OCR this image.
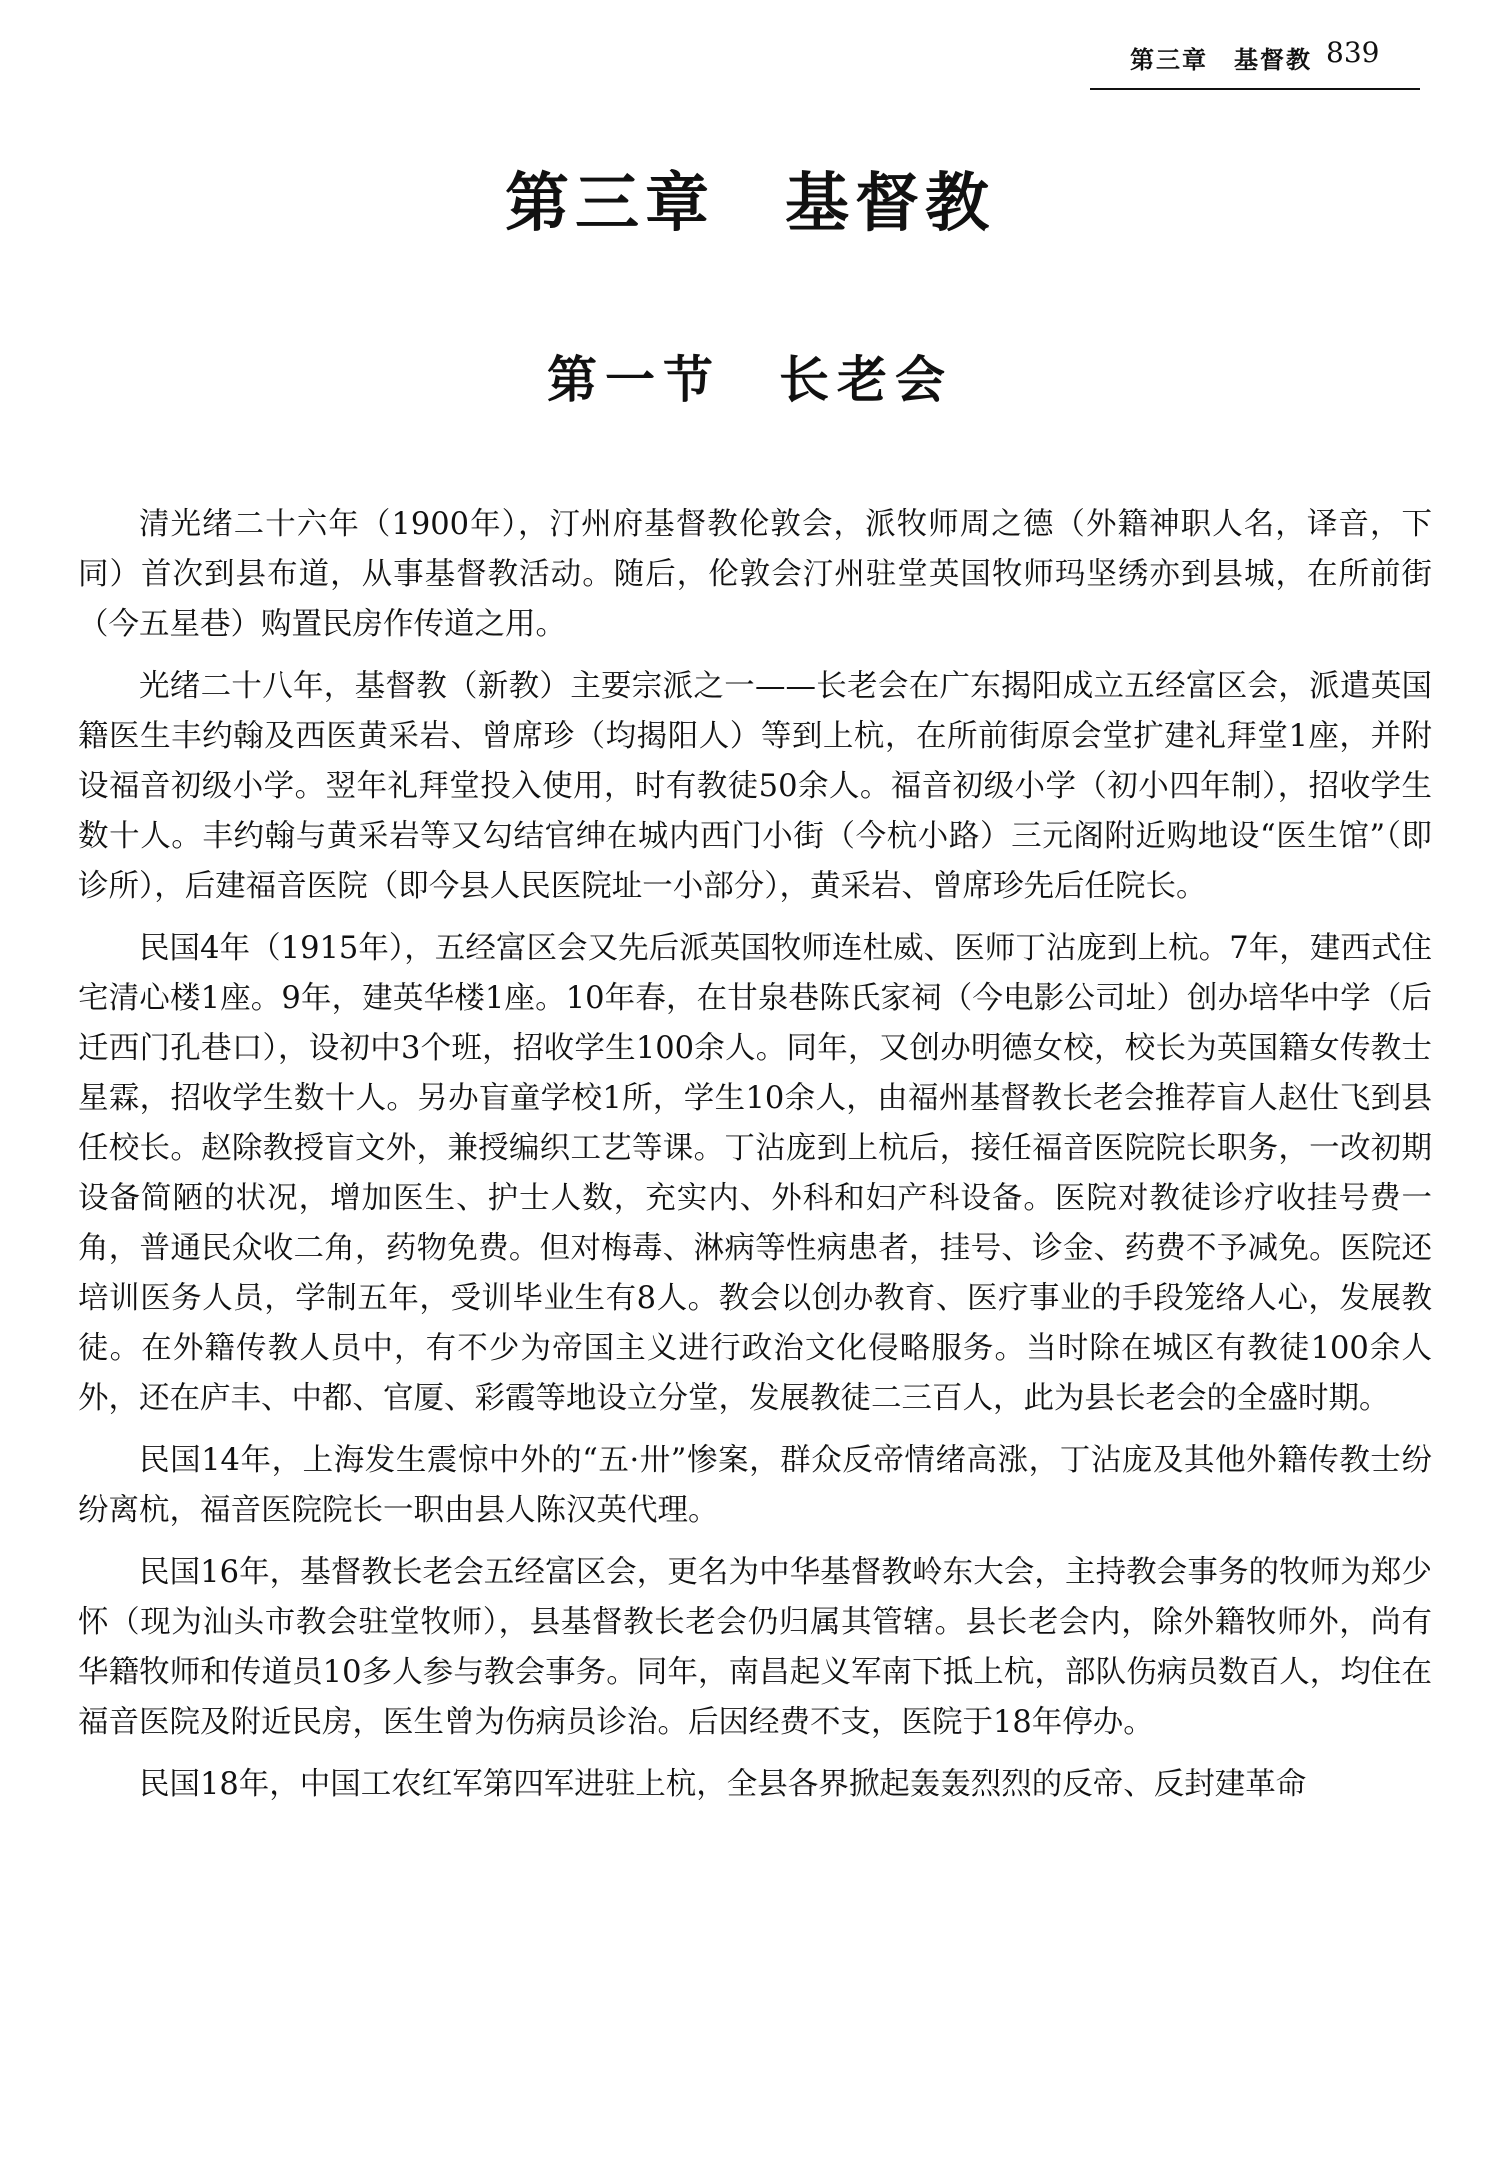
第三章　基督教 839
第三章　基督教
第一节　长老会

清光绪二十六年（1900年），汀州府基督教伦敦会，派牧师周之德（外籍神职人名，译音，下同）首次到县布道，从事基督教活动。随后，伦敦会汀州驻堂英国牧师玛坚绣亦到县城，在所前街（今五星巷）购置民房作传道之用。

光绪二十八年，基督教（新教）主要宗派之一——长老会在广东揭阳成立五经富区会，派遣英国籍医生丰约翰及西医黄采岩、曾席珍（均揭阳人）等到上杭，在所前街原会堂扩建礼拜堂1座，并附设福音初级小学。翌年礼拜堂投入使用，时有教徒50余人。福音初级小学（初小四年制），招收学生数十人。丰约翰与黄采岩等又勾结官绅在城内西门小街（今杭小路）三元阁附近购地设“医生馆”（即诊所），后建福音医院（即今县人民医院址一小部分），黄采岩、曾席珍先后任院长。

民国4年（1915年），五经富区会又先后派英国牧师连杜威、医师丁沾庞到上杭。7年，建西式住宅清心楼1座。9年，建英华楼1座。10年春，在甘泉巷陈氏家祠（今电影公司址）创办培华中学（后迁西门孔巷口），设初中3个班，招收学生100余人。同年，又创办明德女校，校长为英国籍女传教士星霖，招收学生数十人。另办盲童学校1所，学生10余人，由福州基督教长老会推荐盲人赵仕飞到县任校长。赵除教授盲文外，兼授编织工艺等课。丁沾庞到上杭后，接任福音医院院长职务，一改初期设备简陋的状况，增加医生、护士人数，充实内、外科和妇产科设备。医院对教徒诊疗收挂号费一角，普通民众收二角，药物免费。但对梅毒、淋病等性病患者，挂号、诊金、药费不予减免。医院还培训医务人员，学制五年，受训毕业生有8人。教会以创办教育、医疗事业的手段笼络人心，发展教徒。在外籍传教人员中，有不少为帝国主义进行政治文化侵略服务。当时除在城区有教徒100余人外，还在庐丰、中都、官厦、彩霞等地设立分堂，发展教徒二三百人，此为县长老会的全盛时期。

民国14年，上海发生震惊中外的“五·卅”惨案，群众反帝情绪高涨，丁沾庞及其他外籍传教士纷纷离杭，福音医院院长一职由县人陈汉英代理。

民国16年，基督教长老会五经富区会，更名为中华基督教岭东大会，主持教会事务的牧师为郑少怀（现为汕头市教会驻堂牧师），县基督教长老会仍归属其管辖。县长老会内，除外籍牧师外，尚有华籍牧师和传道员10多人参与教会事务。同年，南昌起义军南下抵上杭，部队伤病员数百人，均住在福音医院及附近民房，医生曾为伤病员诊治。后因经费不支，医院于18年停办。

民国18年，中国工农红军第四军进驻上杭，全县各界掀起轰轰烈烈的反帝、反封建革命
